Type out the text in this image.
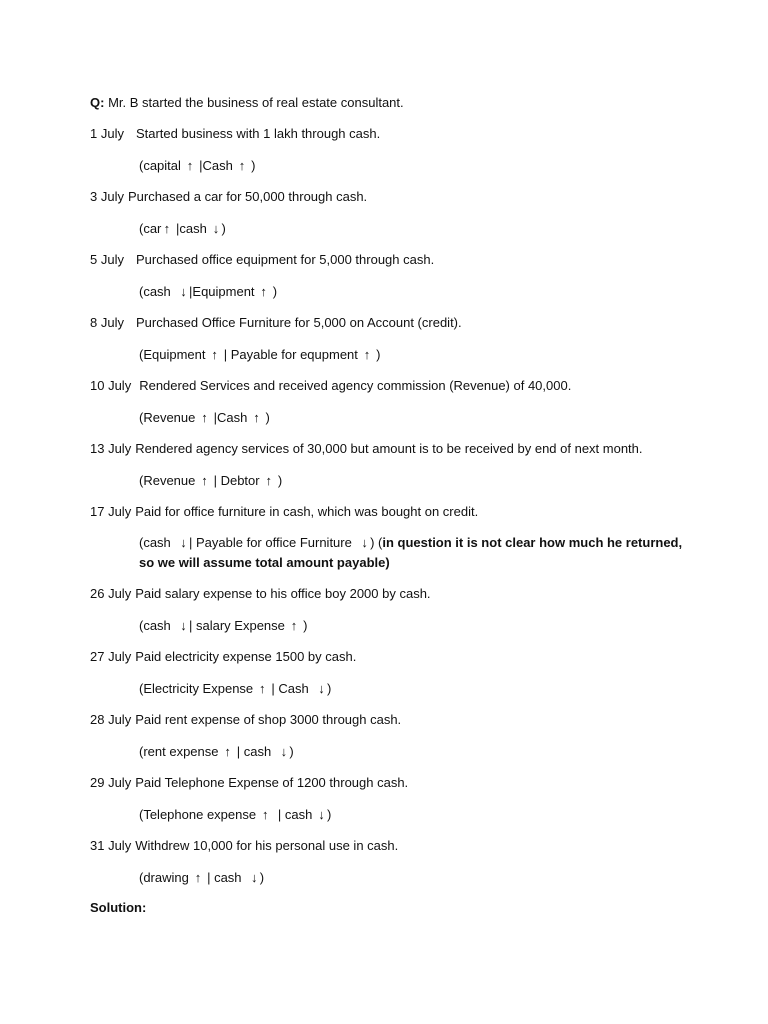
Q: Mr. B started the business of real estate consultant.
1 July Started business with 1 lakh through cash.
(capital ↑ |Cash ↑ )
3 July Purchased a car for 50,000 through cash.
(car ↑ |cash ↓ )
5 July Purchased office equipment for 5,000 through cash.
(cash  ↓ |Equipment ↑ )
8 July Purchased Office Furniture for 5,000 on Account (credit).
(Equipment ↑ | Payable for equpment ↑ )
10 July Rendered Services and received agency commission (Revenue) of 40,000.
(Revenue ↑ |Cash ↑ )
13 July Rendered agency services of 30,000 but amount is to be received by end of next month.
(Revenue ↑ | Debtor ↑ )
17 July Paid for office furniture in cash, which was bought on credit.
(cash  ↓ | Payable for office Furniture  ↓ ) (in question it is not clear how much he returned, so we will assume total amount payable)
26 July Paid salary expense to his office boy 2000 by cash.
(cash  ↓ | salary Expense ↑ )
27 July Paid electricity expense 1500 by cash.
(Electricity Expense ↑ | Cash  ↓ )
28 July Paid rent expense of shop 3000 through cash.
(rent expense ↑ | cash  ↓ )
29 July Paid Telephone Expense of 1200 through cash.
(Telephone expense ↑  | cash ↓ )
31 July Withdrew 10,000 for his personal use in cash.
(drawing ↑ | cash  ↓ )
Solution:
